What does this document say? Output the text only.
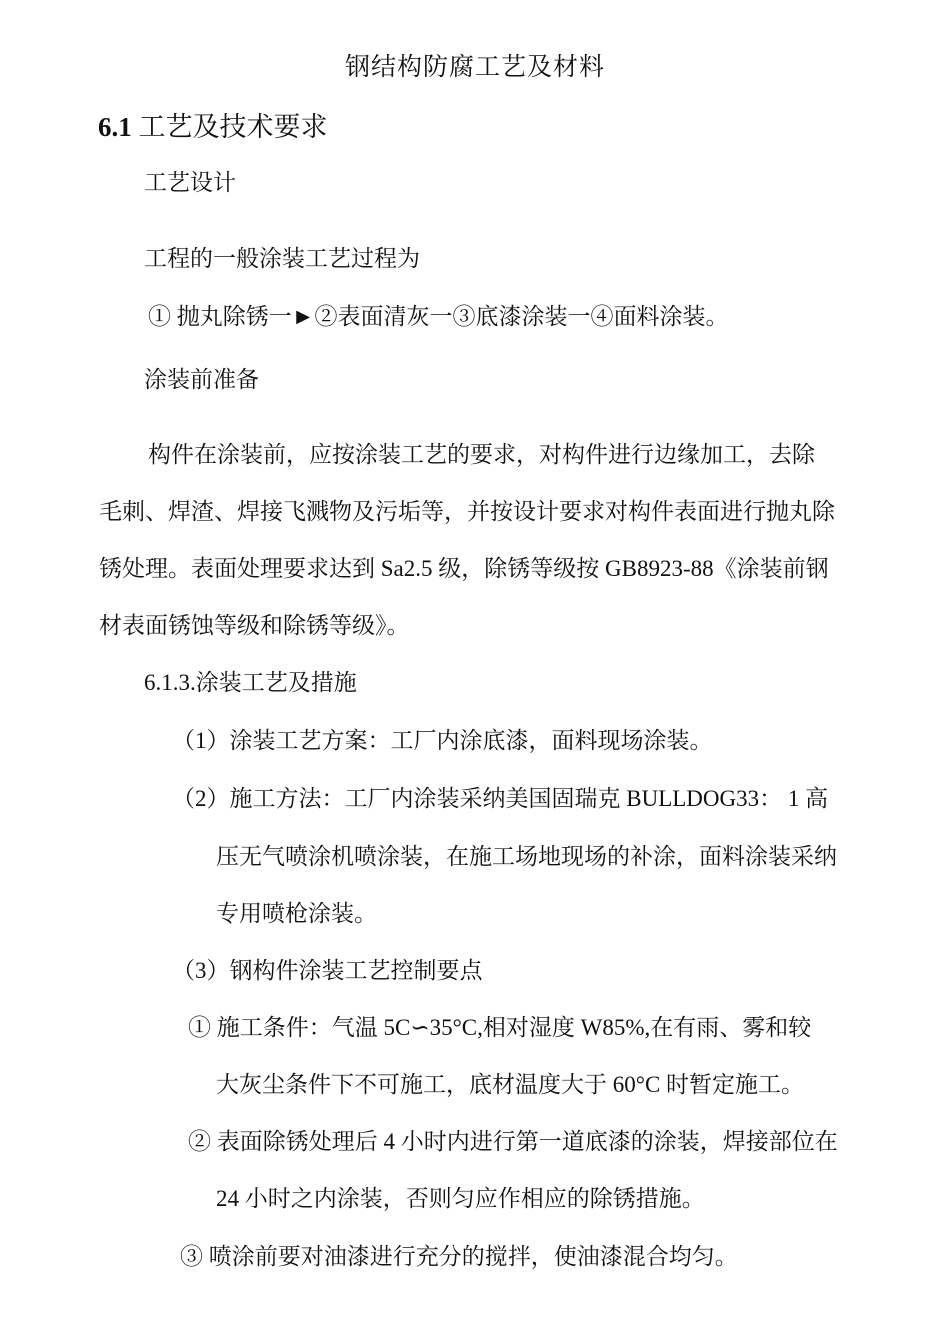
钢结构防腐工艺及材料
6.1 工艺及技术要求
工艺设计
工程的一般涂装工艺过程为
① 抛丸除锈一►②表面清灰一③底漆涂装一④面料涂装。
涂装前准备
构件在涂装前，应按涂装工艺的要求，对构件进行边缘加工，去除
毛刺、焊渣、焊接飞溅物及污垢等，并按设计要求对构件表面进行抛丸除
锈处理。表面处理要求达到 Sa2.5 级，除锈等级按 GB8923-88《涂装前钢
材表面锈蚀等级和除锈等级》。
6.1.3.涂装工艺及措施
（1）涂装工艺方案：工厂内涂底漆，面料现场涂装。
（2）施工方法：工厂内涂装采纳美国固瑞克 BULLDOG33： 1 高
压无气喷涂机喷涂装，在施工场地现场的补涂，面料涂装采纳
专用喷枪涂装。
（3）钢构件涂装工艺控制要点
① 施工条件：气温 5C∽35°C,相对湿度 W85%,在有雨、雾和较
大灰尘条件下不可施工，底材温度大于 60°C 时暂定施工。
② 表面除锈处理后 4 小时内进行第一道底漆的涂装，焊接部位在
24 小时之内涂装，否则匀应作相应的除锈措施。
③ 喷涂前要对油漆进行充分的搅拌，使油漆混合均匀。
